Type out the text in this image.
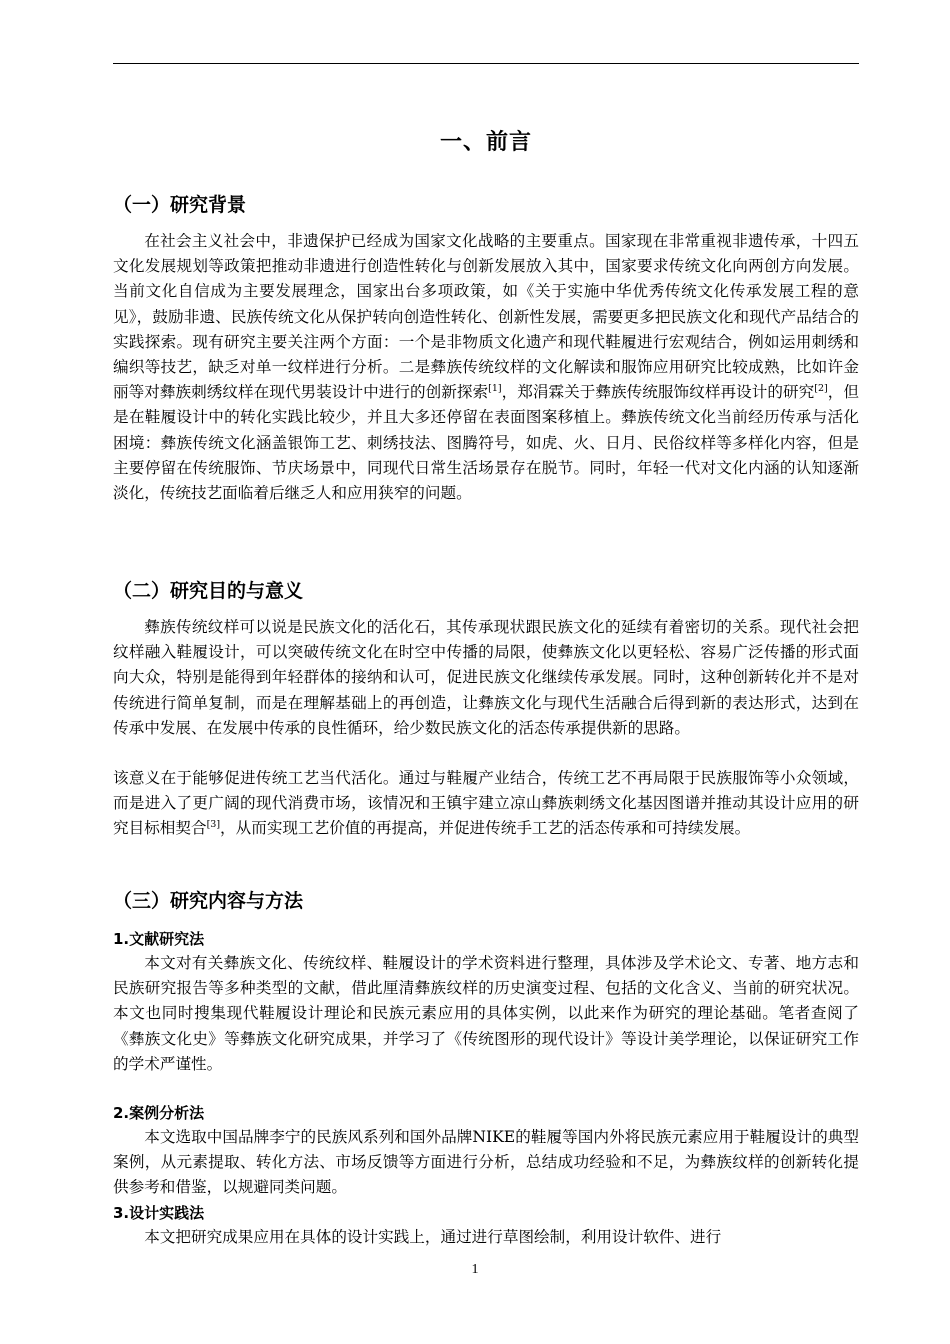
一、前言
（一）研究背景
在社会主义社会中，非遗保护已经成为国家文化战略的主要重点。国家现在非常重视非遗传承，十四五文化发展规划等政策把推动非遗进行创造性转化与创新发展放入其中，国家要求传统文化向两创方向发展。当前文化自信成为主要发展理念，国家出台多项政策，如《关于实施中华优秀传统文化传承发展工程的意见》，鼓励非遗、民族传统文化从保护转向创造性转化、创新性发展，需要更多把民族文化和现代产品结合的实践探索。现有研究主要关注两个方面：一个是非物质文化遗产和现代鞋履进行宏观结合，例如运用刺绣和编织等技艺，缺乏对单一纹样进行分析。二是彝族传统纹样的文化解读和服饰应用研究比较成熟，比如许金丽等对彝族刺绣纹样在现代男装设计中进行的创新探索[1]，郑涓霖关于彝族传统服饰纹样再设计的研究[2]，但是在鞋履设计中的转化实践比较少，并且大多还停留在表面图案移植上。彝族传统文化当前经历传承与活化困境：彝族传统文化涵盖银饰工艺、刺绣技法、图腾符号，如虎、火、日月、民俗纹样等多样化内容，但是主要停留在传统服饰、节庆场景中，同现代日常生活场景存在脱节。同时，年轻一代对文化内涵的认知逐渐淡化，传统技艺面临着后继乏人和应用狭窄的问题。
（二）研究目的与意义
彝族传统纹样可以说是民族文化的活化石，其传承现状跟民族文化的延续有着密切的关系。现代社会把纹样融入鞋履设计，可以突破传统文化在时空中传播的局限，使彝族文化以更轻松、容易广泛传播的形式面向大众，特别是能得到年轻群体的接纳和认可，促进民族文化继续传承发展。同时，这种创新转化并不是对传统进行简单复制，而是在理解基础上的再创造，让彝族文化与现代生活融合后得到新的表达形式，达到在传承中发展、在发展中传承的良性循环，给少数民族文化的活态传承提供新的思路。
该意义在于能够促进传统工艺当代活化。通过与鞋履产业结合，传统工艺不再局限于民族服饰等小众领域，而是进入了更广阔的现代消费市场，该情况和王镇宇建立凉山彝族刺绣文化基因图谱并推动其设计应用的研究目标相契合[3]，从而实现工艺价值的再提高，并促进传统手工艺的活态传承和可持续发展。
（三）研究内容与方法
1.文献研究法
本文对有关彝族文化、传统纹样、鞋履设计的学术资料进行整理，具体涉及学术论文、专著、地方志和民族研究报告等多种类型的文献，借此厘清彝族纹样的历史演变过程、包括的文化含义、当前的研究状况。本文也同时搜集现代鞋履设计理论和民族元素应用的具体实例，以此来作为研究的理论基础。笔者查阅了《彝族文化史》等彝族文化研究成果，并学习了《传统图形的现代设计》等设计美学理论，以保证研究工作的学术严谨性。
2.案例分析法
本文选取中国品牌李宁的民族风系列和国外品牌NIKE的鞋履等国内外将民族元素应用于鞋履设计的典型案例，从元素提取、转化方法、市场反馈等方面进行分析，总结成功经验和不足，为彝族纹样的创新转化提供参考和借鉴，以规避同类问题。
3.设计实践法
本文把研究成果应用在具体的设计实践上，通过进行草图绘制，利用设计软件、进行
1
